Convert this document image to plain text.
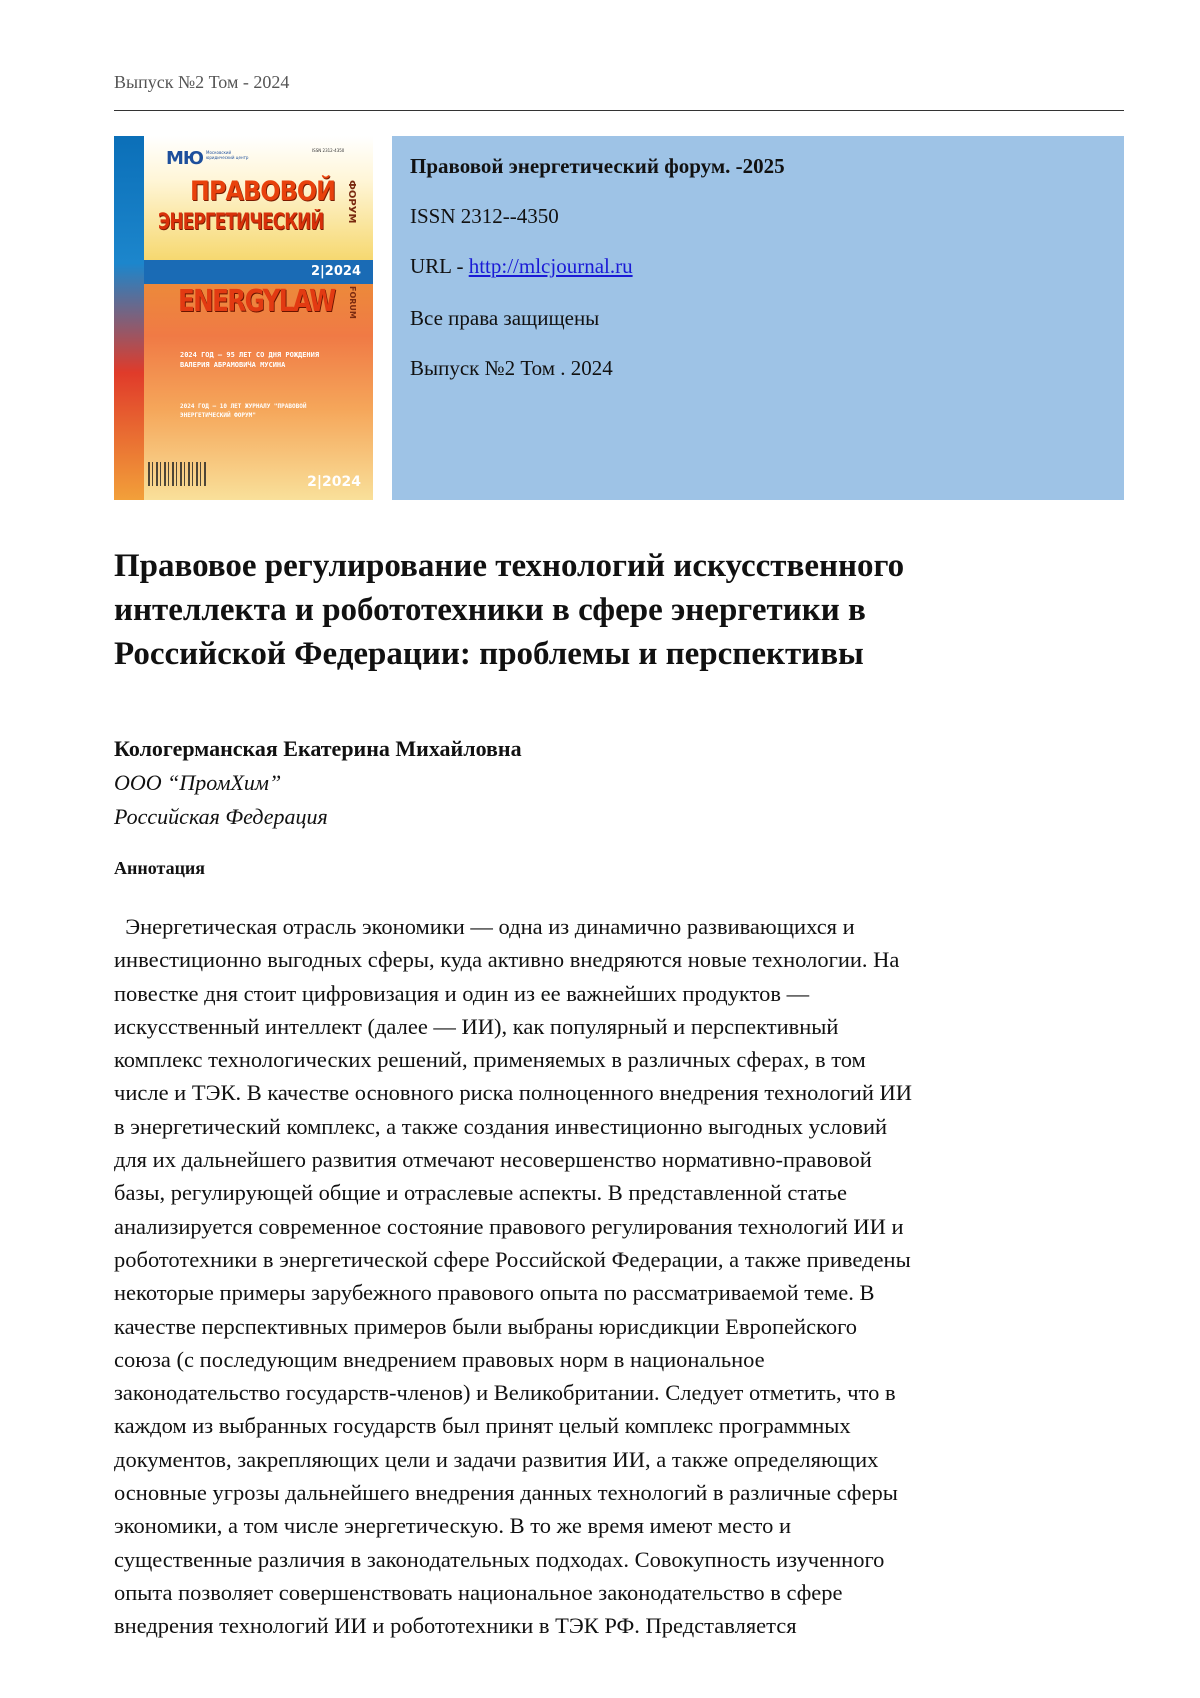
Выпуск №2 Том - 2024
МЮ Московский юридический центр
ISSN 2312-4350
ПРАВОВОЙ
ЭНЕРГЕТИЧЕСКИЙ ФОРУМ
2|2024
ENERGYLAW FORUM
2024 ГОД — 95 ЛЕТ СО ДНЯ РОЖДЕНИЯ ВАЛЕРИЯ АБРАМОВИЧА МУСИНА
2024 ГОД — 10 ЛЕТ ЖУРНАЛУ "ПРАВОВОЙ ЭНЕРГЕТИЧЕСКИЙ ФОРУМ"
2|2024
Правовой энергетический форум. -2025
ISSN 2312--4350
URL - http://mlcjournal.ru
Все права защищены
Выпуск №2 Том . 2024
Правовое регулирование технологий искусственного
интеллекта и робототехники в сфере энергетики в
Российской Федерации: проблемы и перспективы
Кологерманская Екатерина Михайловна
ООО “ПромХим”
Российская Федерация
Аннотация
Энергетическая отрасль экономики — одна из динамично развивающихся и
инвестиционно выгодных сферы, куда активно внедряются новые технологии. На
повестке дня стоит цифровизация и один из ее важнейших продуктов —
искусственный интеллект (далее — ИИ), как популярный и перспективный
комплекс технологических решений, применяемых в различных сферах, в том
числе и ТЭК. В качестве основного риска полноценного внедрения технологий ИИ
в энергетический комплекс, а также создания инвестиционно выгодных условий
для их дальнейшего развития отмечают несовершенство нормативно-правовой
базы, регулирующей общие и отраслевые аспекты. В представленной статье
анализируется современное состояние правового регулирования технологий ИИ и
робототехники в энергетической сфере Российской Федерации, а также приведены
некоторые примеры зарубежного правового опыта по рассматриваемой теме. В
качестве перспективных примеров были выбраны юрисдикции Европейского
союза (с последующим внедрением правовых норм в национальное
законодательство государств-членов) и Великобритании. Следует отметить, что в
каждом из выбранных государств был принят целый комплекс программных
документов, закрепляющих цели и задачи развития ИИ, а также определяющих
основные угрозы дальнейшего внедрения данных технологий в различные сферы
экономики, а том числе энергетическую. В то же время имеют место и
существенные различия в законодательных подходах. Совокупность изученного
опыта позволяет совершенствовать национальное законодательство в сфере
внедрения технологий ИИ и робототехники в ТЭК РФ. Представляется
